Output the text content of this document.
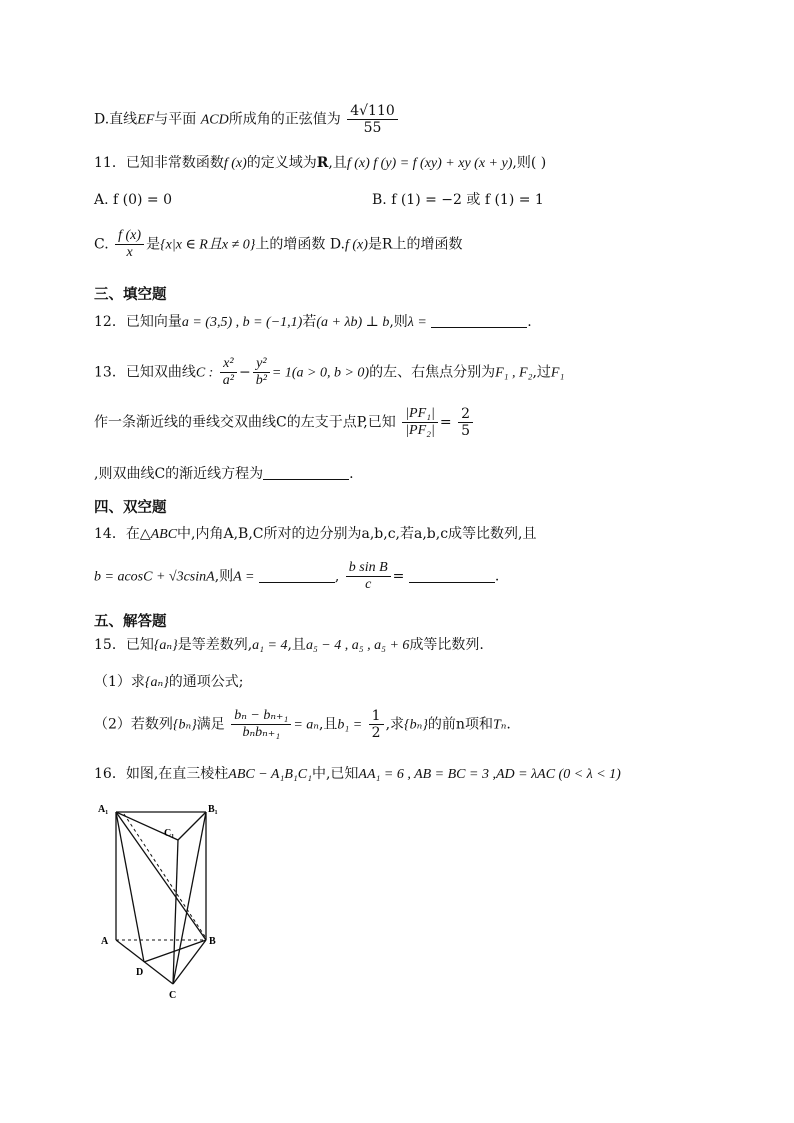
D.直线EF与平面 ACD所成角的正弦值为 $\frac{4√110}{55}$
11．已知非常数函数f (x)的定义域为R,且f (x) f (y) = f (xy) + xy (x + y),则( )
A. f (0) = 0	B. f (1) = −2 或 f (1) = 1
C. $\frac{f (x)}{x}$ 是{x|x ∈ R且x ≠ 0}上的增函数 D.f (x)是R上的增函数
三、填空题
12．已知向量a = (3,5) , b = (−1,1)若(a + λb) ⊥ b,则λ =	.
13．已知双曲线C : $\frac{\text{x²}}{\text{a²}} - \frac{\text{y²}}{\text{b²}} = 1(a > 0$, b > 0)的左、右焦点分别为F₁ , F₂,过F₁
作一条渐近线的垂线交双曲线C的左支于点P,已知 $\frac{\text{|PF₁|}}{\text{|PF₂|}} = \frac{2}{5}$
,则双曲线C的渐近线方程为	.
四、双空题
14．在△ABC中,内角A,B,C所对的边分别为a,b,c,若a,b,c成等比数列,且
b = acosC + √3csinA,则A =	, $\frac{\text{b sin B}}{c}$ =	.
五、解答题
15．已知{aₙ}是等差数列,a₁ = 4,且a₅ − 4 , a₅ , a₅ + 6成等比数列.
（1）求{aₙ}的通项公式;
（2）若数列{bₙ}满足 $\frac{\text{bₙ − bₙ₊₁}}{\text{bₙbₙ₊₁}} = a_n$,且$b_1 = \frac{1}{2}$ ,求{bₙ}的前n项和Tₙ.
16．如图,在直三棱柱ABC − A₁B₁C₁中,已知AA₁ = 6 , AB = BC = 3 ,AD = λAC (0 < λ < 1)
A₁	B₁
C₁
A	B
D
C
